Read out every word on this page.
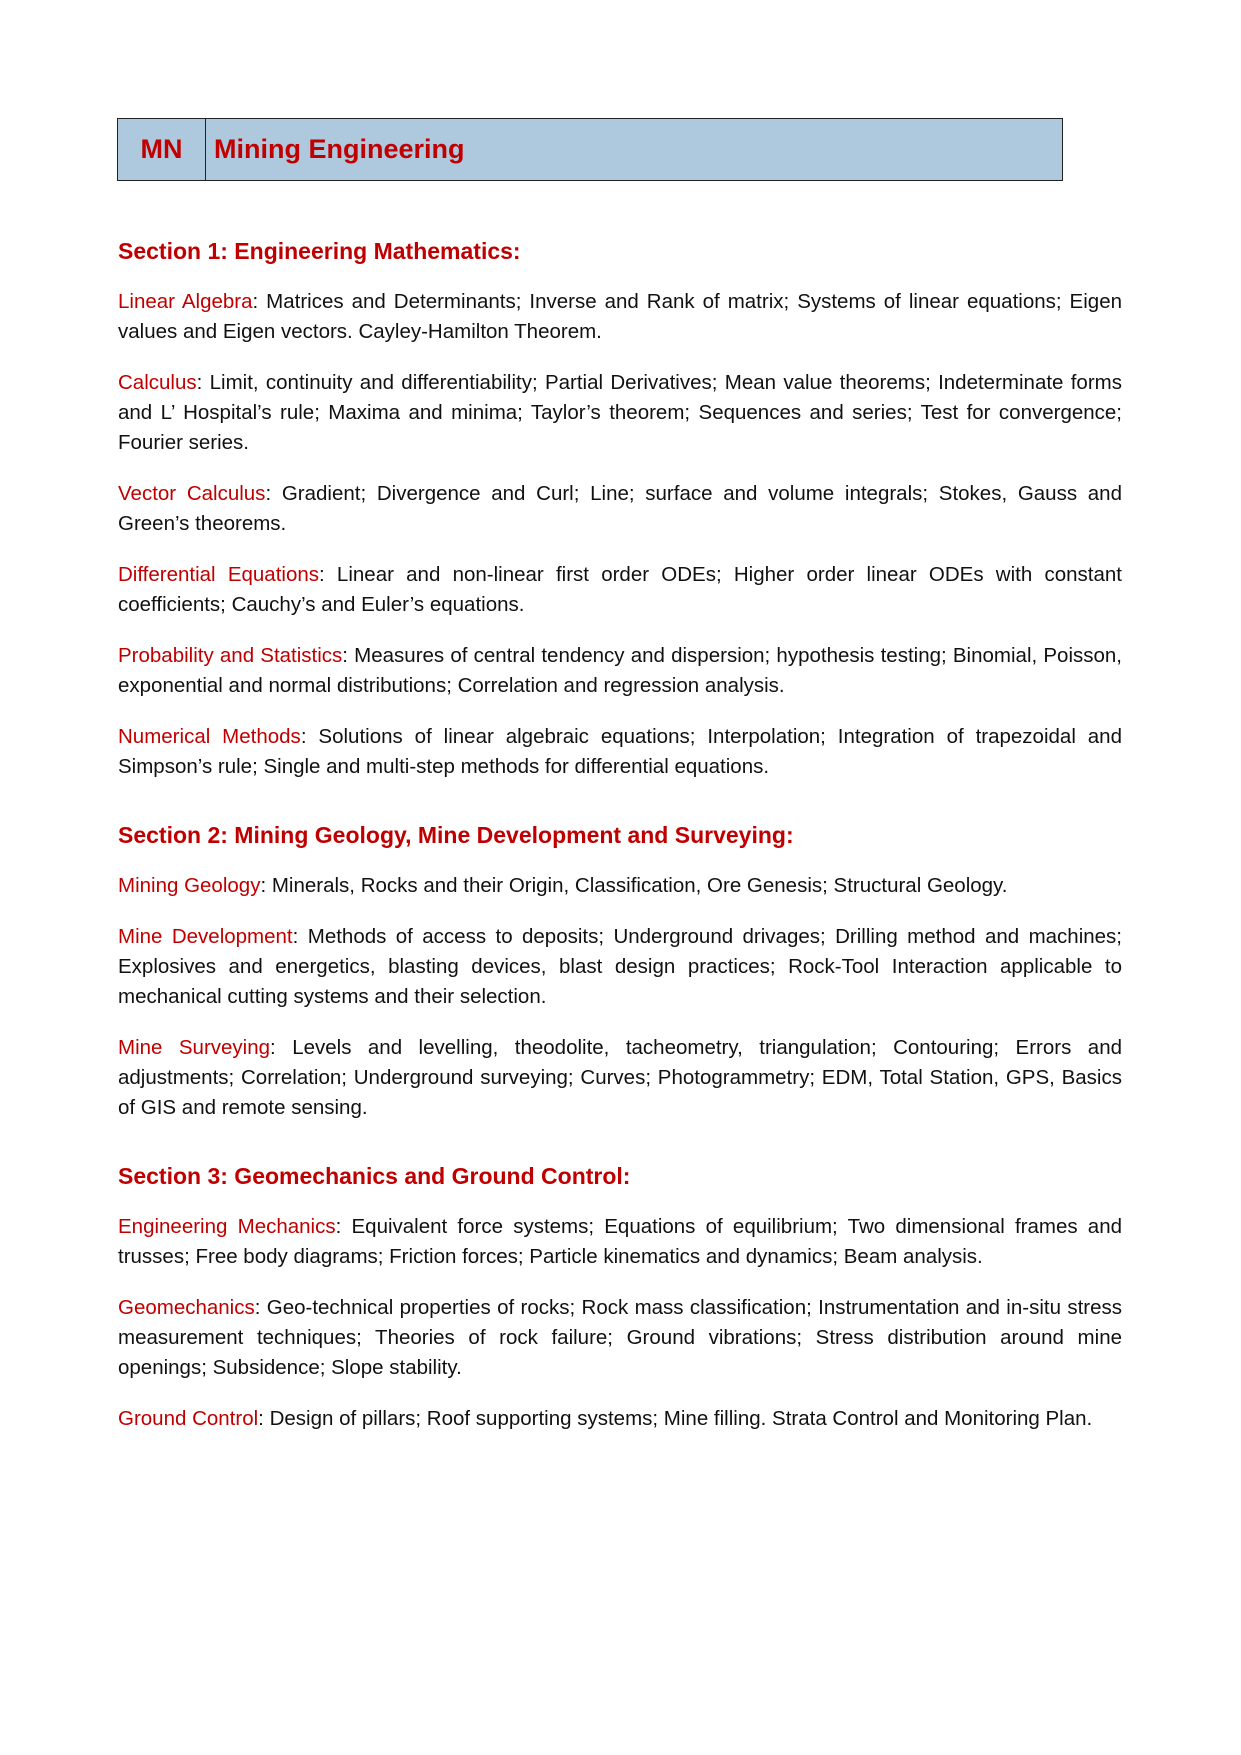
MN	Mining Engineering
Section 1: Engineering Mathematics:

Linear Algebra: Matrices and Determinants; Inverse and Rank of matrix; Systems of linear equations; Eigen values and Eigen vectors. Cayley-Hamilton Theorem.

Calculus: Limit, continuity and differentiability; Partial Derivatives; Mean value theorems; Indeterminate forms and L’ Hospital’s rule; Maxima and minima; Taylor’s theorem; Sequences and series; Test for convergence; Fourier series.

Vector Calculus: Gradient; Divergence and Curl; Line; surface and volume integrals; Stokes, Gauss and Green’s theorems.

Differential Equations: Linear and non-linear first order ODEs; Higher order linear ODEs with constant coefficients; Cauchy’s and Euler’s equations.

Probability and Statistics: Measures of central tendency and dispersion; hypothesis testing; Binomial, Poisson, exponential and normal distributions; Correlation and regression analysis.

Numerical Methods: Solutions of linear algebraic equations; Interpolation; Integration of trapezoidal and Simpson’s rule; Single and multi-step methods for differential equations.

Section 2: Mining Geology, Mine Development and Surveying:

Mining Geology: Minerals, Rocks and their Origin, Classification, Ore Genesis; Structural Geology.

Mine Development: Methods of access to deposits; Underground drivages; Drilling method and machines; Explosives and energetics, blasting devices, blast design practices; Rock-Tool Interaction applicable to mechanical cutting systems and their selection.

Mine Surveying: Levels and levelling, theodolite, tacheometry, triangulation; Contouring; Errors and adjustments; Correlation; Underground surveying; Curves; Photogrammetry; EDM, Total Station, GPS, Basics of GIS and remote sensing.

Section 3: Geomechanics and Ground Control:

Engineering Mechanics: Equivalent force systems; Equations of equilibrium; Two dimensional frames and trusses; Free body diagrams; Friction forces; Particle kinematics and dynamics; Beam analysis.

Geomechanics: Geo-technical properties of rocks; Rock mass classification; Instrumentation and in-situ stress measurement techniques; Theories of rock failure; Ground vibrations; Stress distribution around mine openings; Subsidence; Slope stability.

Ground Control: Design of pillars; Roof supporting systems; Mine filling. Strata Control and Monitoring Plan.
